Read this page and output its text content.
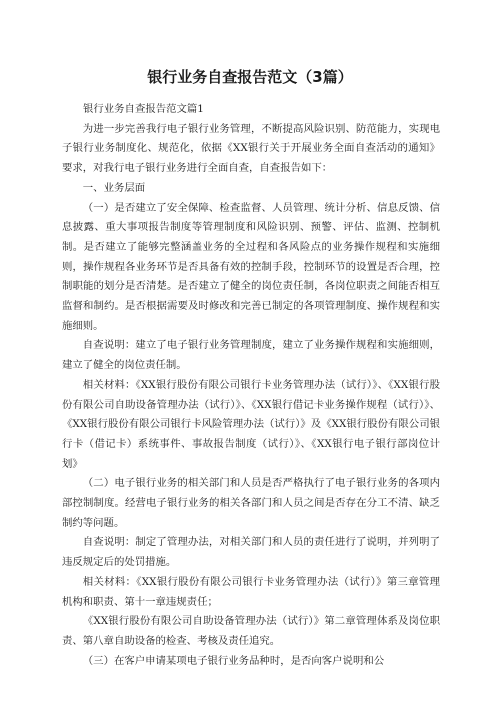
银行业务自查报告范文（3篇）

银行业务自查报告范文篇1

为进一步完善我行电子银行业务管理，不断提高风险识别、防范能力，实现电子银行业务制度化、规范化，依据《XX银行关于开展业务全面自查活动的通知》要求，对我行电子银行业务进行全面自查，自查报告如下：

一、业务层面

（一）是否建立了安全保障、检查监督、人员管理、统计分析、信息反馈、信息披露、重大事项报告制度等管理制度和风险识别、预警、评估、监测、控制机制。是否建立了能够完整涵盖业务的全过程和各风险点的业务操作规程和实施细则，操作规程各业务环节是否具备有效的控制手段，控制环节的设置是否合理，控制职能的划分是否清楚。是否建立了健全的岗位责任制，各岗位职责之间能否相互监督和制约。是否根据需要及时修改和完善已制定的各项管理制度、操作规程和实施细则。

自查说明：建立了电子银行业务管理制度，建立了业务操作规程和实施细则，建立了健全的岗位责任制。

相关材料：《XX银行股份有限公司银行卡业务管理办法（试行）》、《XX银行股份有限公司自助设备管理办法（试行）》、《XX银行借记卡业务操作规程（试行）》、《XX银行股份有限公司银行卡风险管理办法（试行）》及《XX银行股份有限公司银行卡（借记卡）系统事件、事故报告制度（试行）》、《XX银行电子银行部岗位计划》

（二）电子银行业务的相关部门和人员是否严格执行了电子银行业务的各项内部控制制度。经营电子银行业务的相关各部门和人员之间是否存在分工不清、缺乏制约等问题。

自查说明：制定了管理办法，对相关部门和人员的责任进行了说明，并列明了违反规定后的处罚措施。

相关材料：《XX银行股份有限公司银行卡业务管理办法（试行）》第三章管理机构和职责、第十一章违规责任；

《XX银行股份有限公司自助设备管理办法（试行）》第二章管理体系及岗位职责、第八章自助设备的检查、考核及责任追究。

（三）在客户申请某项电子银行业务品种时，是否向客户说明和公
